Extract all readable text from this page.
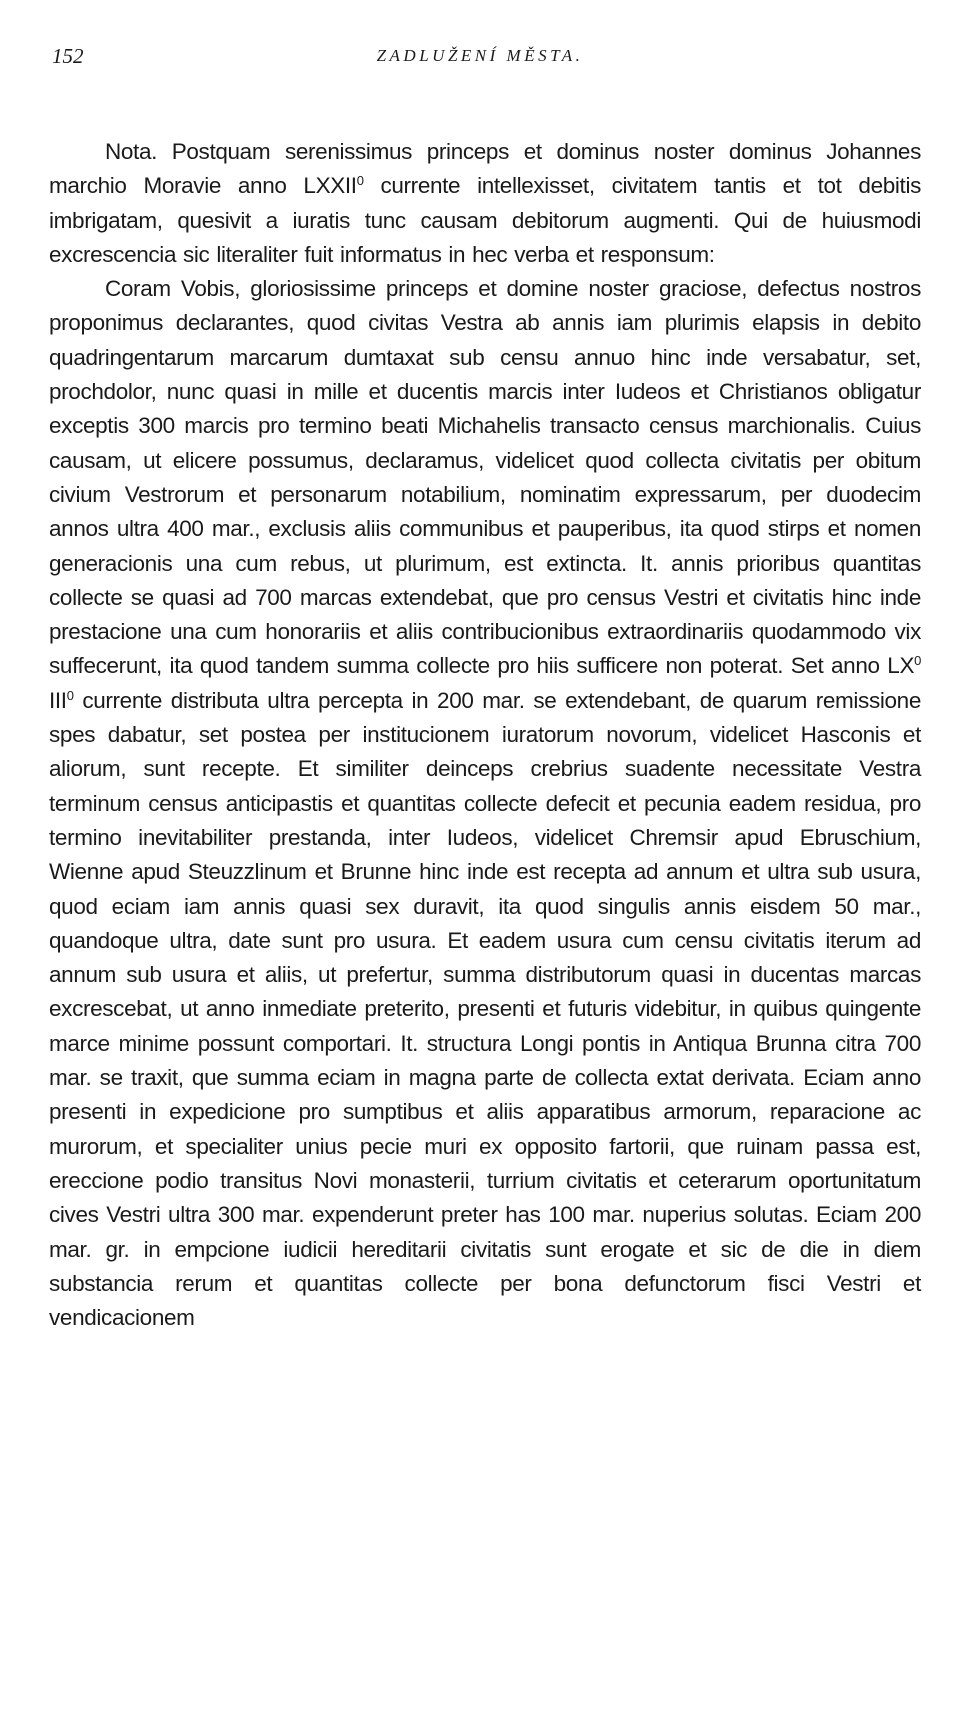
152	ZADLUŽENÍ MĚSTA.

Nota. Postquam serenissimus princeps et dominus noster dominus Johannes marchio Moravie anno LXXII$^0$ currente intellexisset, civitatem tantis et tot debitis imbrigatam, quesivit a iuratis tunc causam debitorum augmenti. Qui de huiusmodi excrescencia sic literaliter fuit informatus in hec verba et responsum:

Coram Vobis, gloriosissime princeps et domine noster graciose, defectus nostros proponimus declarantes, quod civitas Vestra ab annis iam plurimis elapsis in debito quadringentarum marcarum dumtaxat sub censu annuo hinc inde versabatur, set, prochdolor, nunc quasi in mille et ducentis marcis inter Iudeos et Christianos obligatur exceptis 300 marcis pro termino beati Michahelis transacto census marchionalis. Cuius causam, ut elicere possumus, declaramus, videlicet quod collecta civitatis per obitum civium Vestrorum et personarum notabilium, nominatim expressarum, per duodecim annos ultra 400 mar., exclusis aliis communibus et pauperibus, ita quod stirps et nomen generacionis una cum rebus, ut plurimum, est extincta. It. annis prioribus quantitas collecte se quasi ad 700 marcas extendebat, que pro census Vestri et civitatis hinc inde prestacione una cum honorariis et aliis contribucionibus extraordinariis quodammodo vix suffecerunt, ita quod tandem summa collecte pro hiis sufficere non poterat. Set anno $LX^0$ III$^0$ currente distributa ultra percepta in 200 mar. se extendebant, de quarum remissione spes dabatur, set postea per institucionem iuratorum novorum, videlicet Hasconis et aliorum, sunt recepte. Et similiter deinceps crebrius suadente necessitate Vestra terminum census anticipastis et quantitas collecte defecit et pecunia eadem residua, pro termino inevitabiliter prestanda, inter Iudeos, videlicet Chremsir apud Ebruschium, Wienne apud Steuzzlinum et Brunne hinc inde est recepta ad annum et ultra sub usura, quod eciam iam annis quasi sex duravit, ita quod singulis annis eisdem 50 mar., quandoque ultra, date sunt pro usura. Et eadem usura cum censu civitatis iterum ad annum sub usura et aliis, ut prefertur, summa distributorum quasi in ducentas marcas excrescebat, ut anno inmediate preterito, presenti et futuris videbitur, in quibus quingente marce minime possunt comportari. It. structura Longi pontis in Antiqua Brunna citra 700 mar. se traxit, que summa eciam in magna parte de collecta extat derivata. Eciam anno presenti in expedicione pro sumptibus et aliis apparatibus armorum, reparacione ac murorum, et specialiter unius pecie muri ex opposito fartorii, que ruinam passa est, ereccione podio transitus Novi monasterii, turrium civitatis et ceterarum oportunitatum cives Vestri ultra 300 mar. expenderunt preter has 100 mar. nuperius solutas. Eciam 200 mar. gr. in empcione iudicii hereditarii civitatis sunt erogate et sic de die in diem substancia rerum et quantitas collecte per bona defunctorum fisci Vestri et vendicacionem
